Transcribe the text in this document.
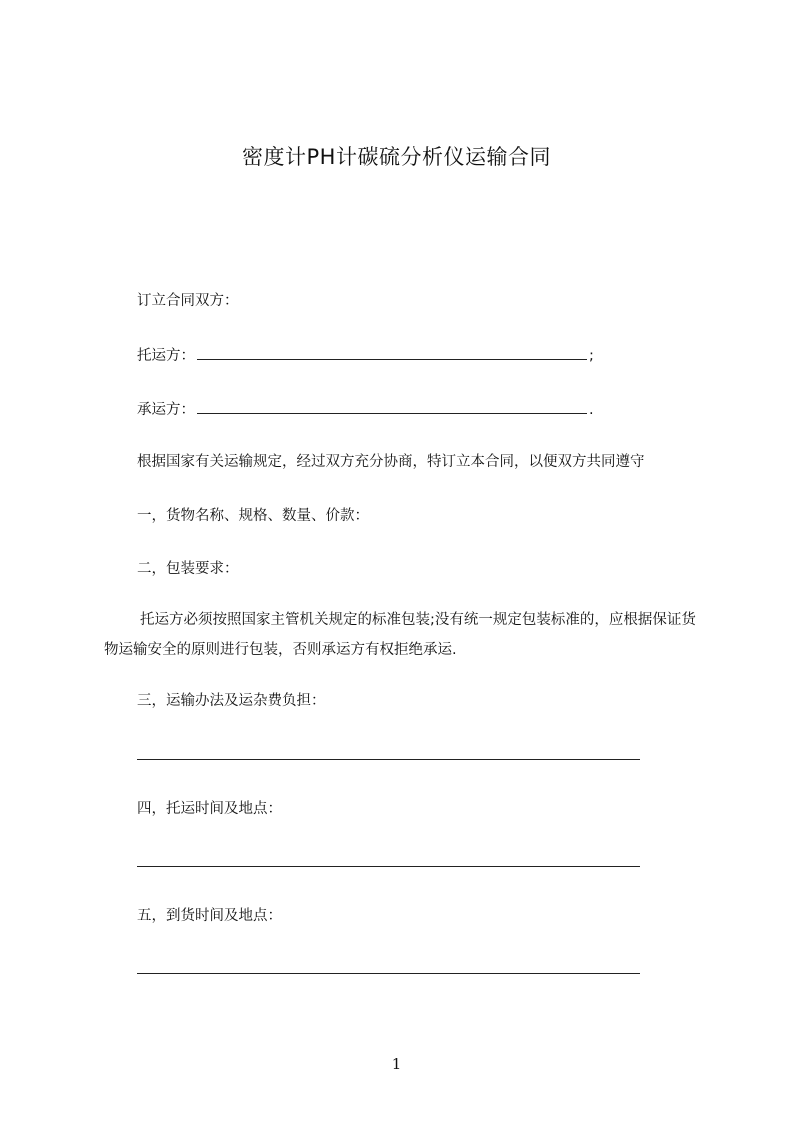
密度计PH计碳硫分析仪运输合同
订立合同双方：
托运方：	;
承运方：	.
根据国家有关运输规定，经过双方充分协商，特订立本合同，以便双方共同遵守
一，货物名称、规格、数量、价款：
二，包装要求：
托运方必须按照国家主管机关规定的标准包装;没有统一规定包装标准的，应根据保证货物运输安全的原则进行包装，否则承运方有权拒绝承运.
三，运输办法及运杂费负担：
四，托运时间及地点：
五，到货时间及地点：
1
